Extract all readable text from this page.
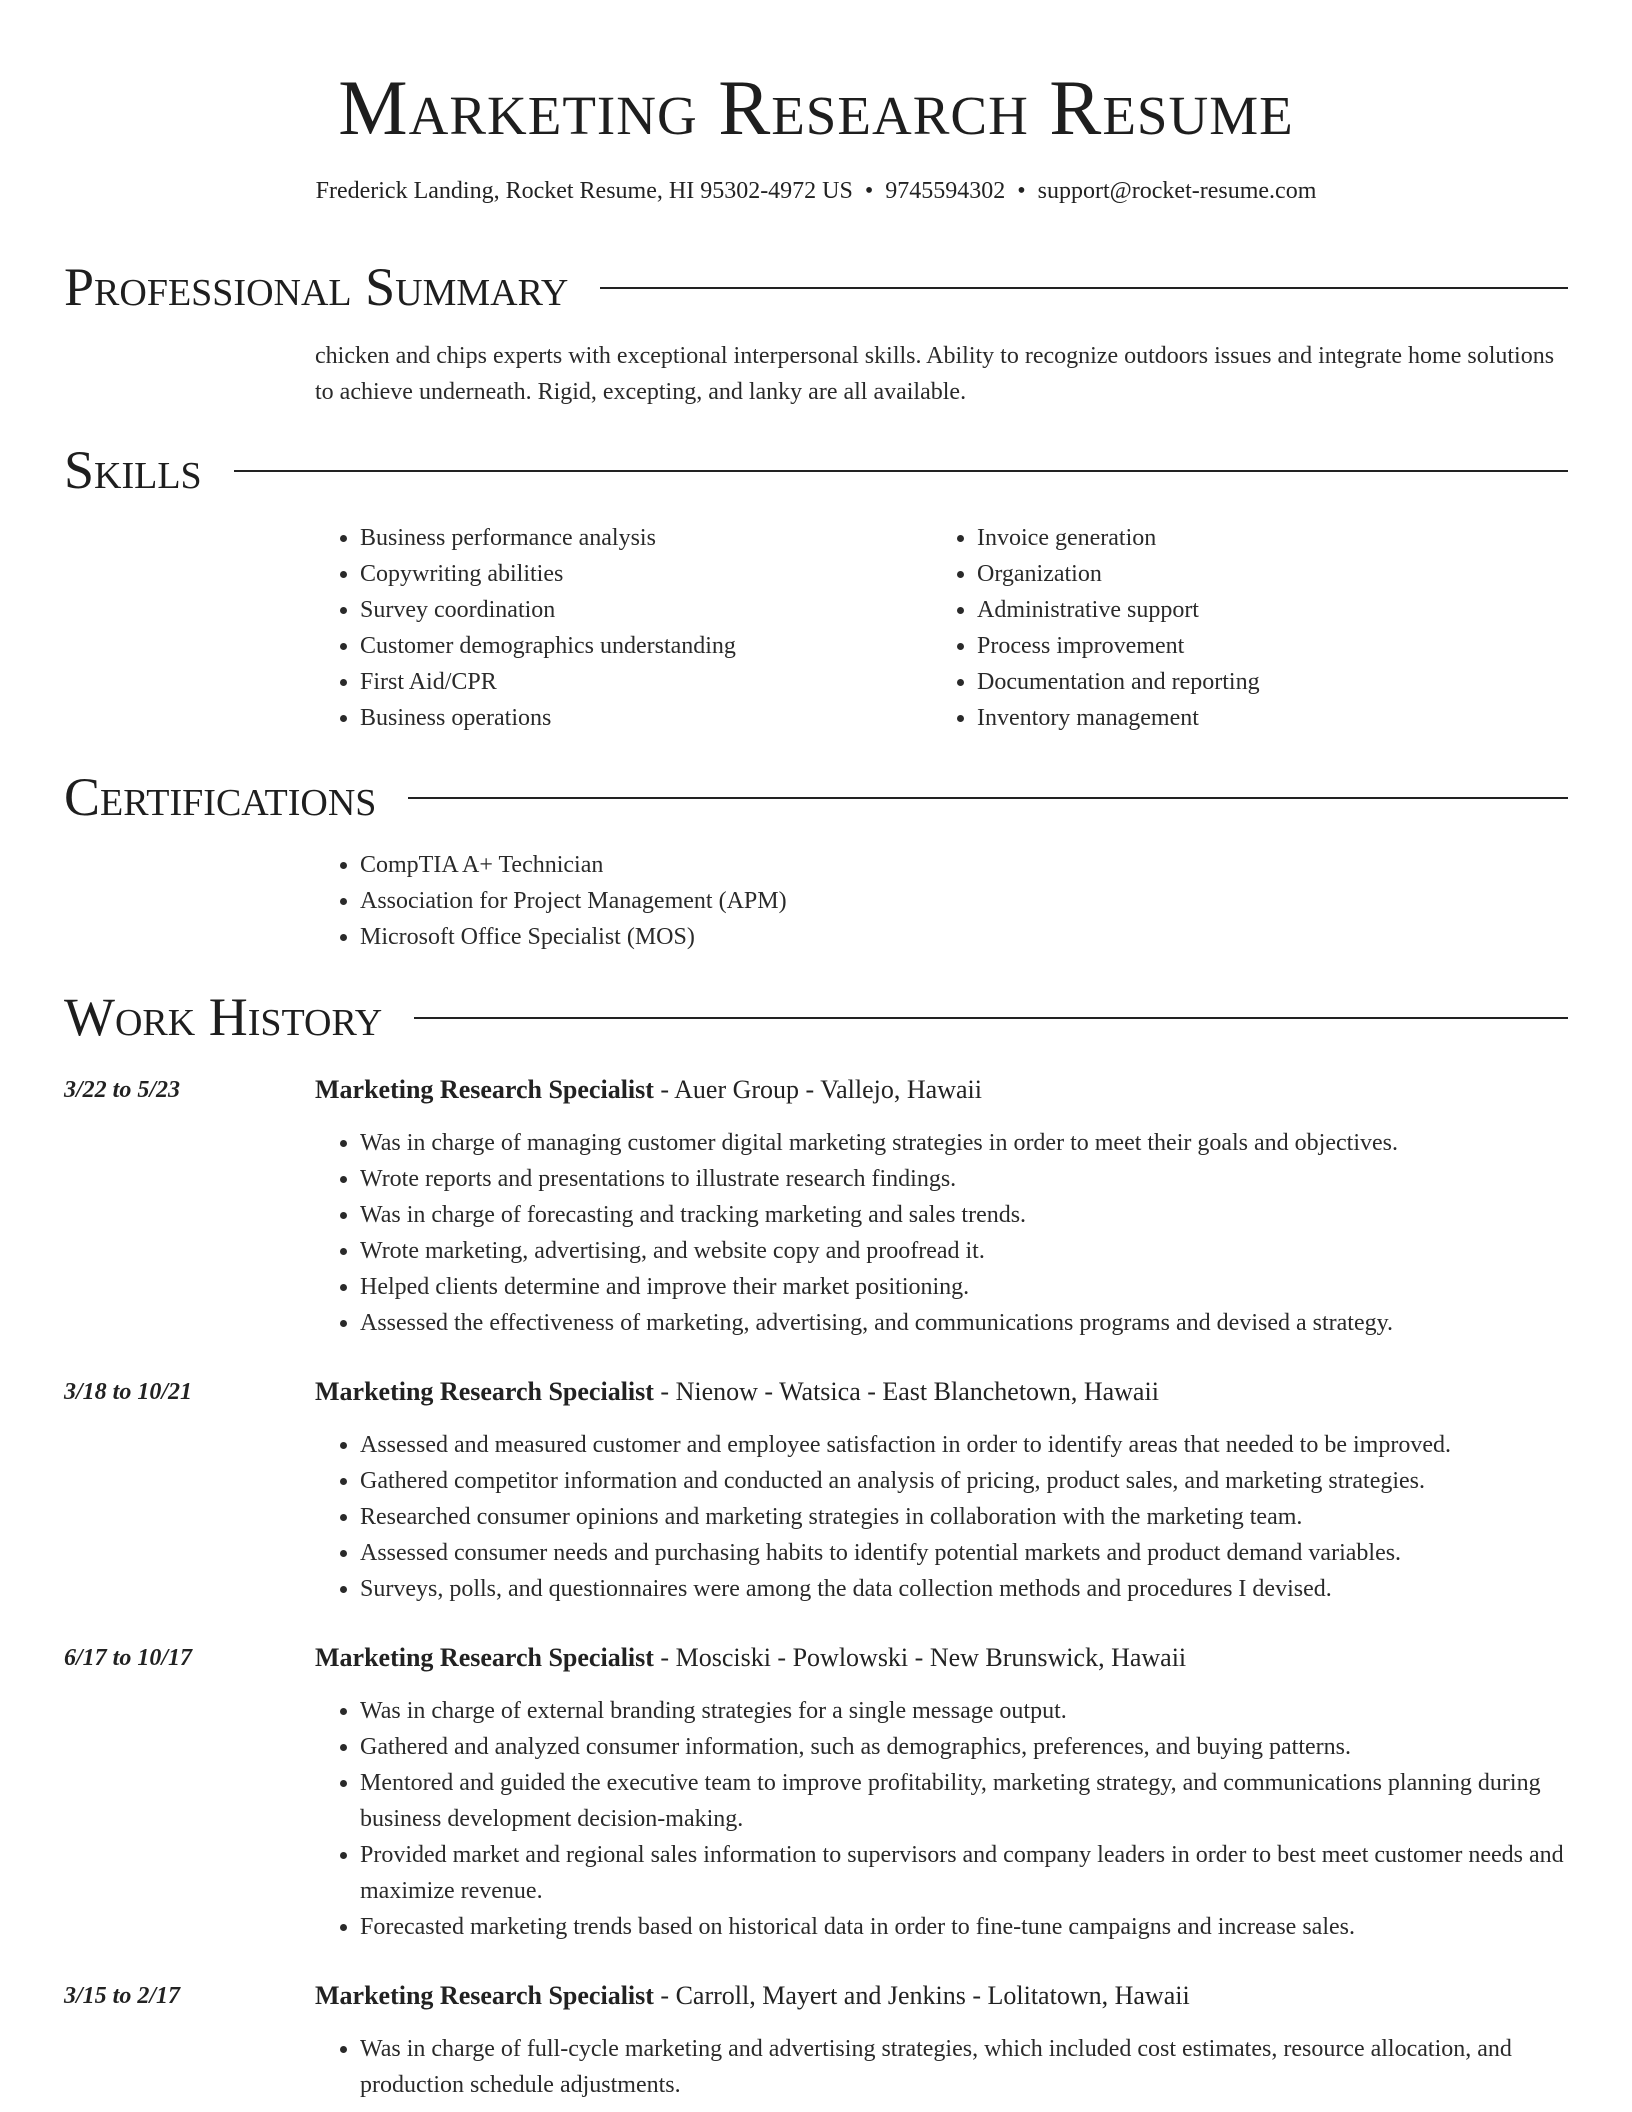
Marketing Research Resume
Frederick Landing, Rocket Resume, HI 95302-4972 US • 9745594302 • support@rocket-resume.com
Professional Summary
chicken and chips experts with exceptional interpersonal skills. Ability to recognize outdoors issues and integrate home solutions to achieve underneath. Rigid, excepting, and lanky are all available.
Skills
• Business performance analysis
• Copywriting abilities
• Survey coordination
• Customer demographics understanding
• First Aid/CPR
• Business operations
• Invoice generation
• Organization
• Administrative support
• Process improvement
• Documentation and reporting
• Inventory management
Certifications
• CompTIA A+ Technician
• Association for Project Management (APM)
• Microsoft Office Specialist (MOS)
Work History
3/22 to 5/23	Marketing Research Specialist - Auer Group - Vallejo, Hawaii
• Was in charge of managing customer digital marketing strategies in order to meet their goals and objectives.
• Wrote reports and presentations to illustrate research findings.
• Was in charge of forecasting and tracking marketing and sales trends.
• Wrote marketing, advertising, and website copy and proofread it.
• Helped clients determine and improve their market positioning.
• Assessed the effectiveness of marketing, advertising, and communications programs and devised a strategy.
3/18 to 10/21	Marketing Research Specialist - Nienow - Watsica - East Blanchetown, Hawaii
• Assessed and measured customer and employee satisfaction in order to identify areas that needed to be improved.
• Gathered competitor information and conducted an analysis of pricing, product sales, and marketing strategies.
• Researched consumer opinions and marketing strategies in collaboration with the marketing team.
• Assessed consumer needs and purchasing habits to identify potential markets and product demand variables.
• Surveys, polls, and questionnaires were among the data collection methods and procedures I devised.
6/17 to 10/17	Marketing Research Specialist - Mosciski - Powlowski - New Brunswick, Hawaii
• Was in charge of external branding strategies for a single message output.
• Gathered and analyzed consumer information, such as demographics, preferences, and buying patterns.
• Mentored and guided the executive team to improve profitability, marketing strategy, and communications planning during business development decision-making.
• Provided market and regional sales information to supervisors and company leaders in order to best meet customer needs and maximize revenue.
• Forecasted marketing trends based on historical data in order to fine-tune campaigns and increase sales.
3/15 to 2/17	Marketing Research Specialist - Carroll, Mayert and Jenkins - Lolitatown, Hawaii
• Was in charge of full-cycle marketing and advertising strategies, which included cost estimates, resource allocation, and production schedule adjustments.
